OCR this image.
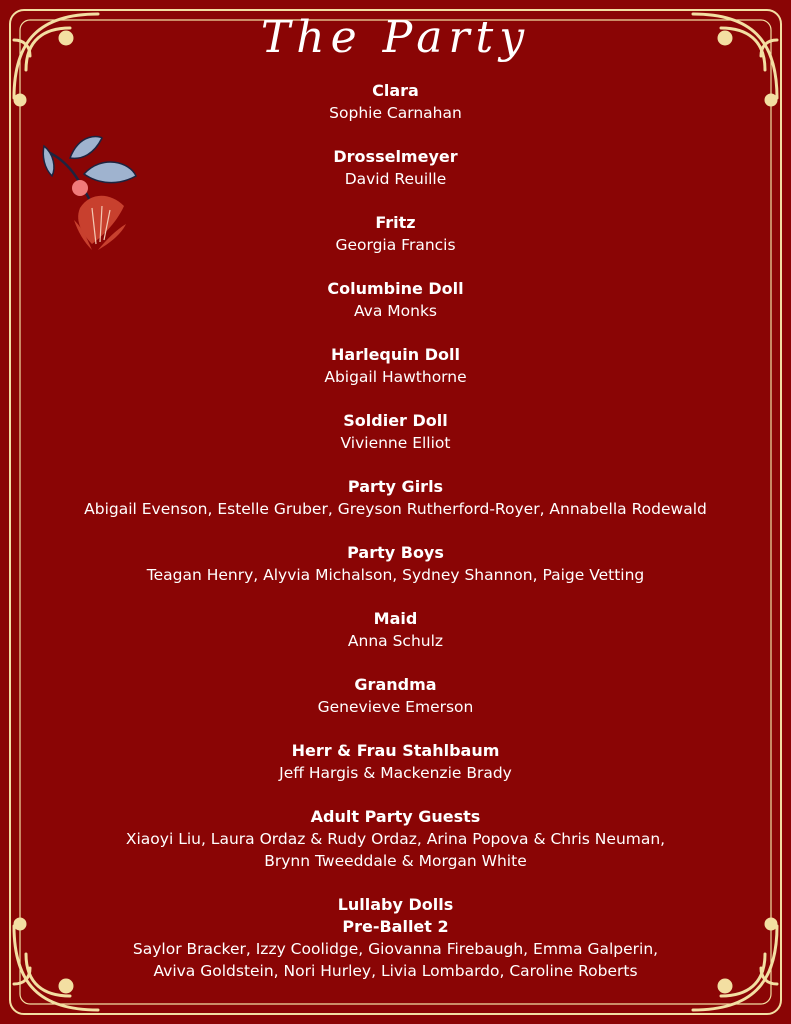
The Party
Clara

Sophie Carnahan

Drosselmeyer

David Reuille

Fritz

Georgia Francis

Columbine Doll

Ava Monks

Harlequin Doll

Abigail Hawthorne

Soldier Doll

Vivienne Elliot

Party Girls

Abigail Evenson, Estelle Gruber, Greyson Rutherford-Royer, Annabella Rodewald

Party Boys

Teagan Henry, Alyvia Michalson, Sydney Shannon, Paige Vetting

Maid

Anna Schulz

Grandma

Genevieve Emerson

Herr & Frau Stahlbaum

Jeff Hargis & Mackenzie Brady

Adult Party Guests

Xiaoyi Liu, Laura Ordaz & Rudy Ordaz, Arina Popova & Chris Neuman,

Brynn Tweeddale & Morgan White

Lullaby Dolls
Pre-Ballet 2

Saylor Bracker, Izzy Coolidge, Giovanna Firebaugh, Emma Galperin,

Aviva Goldstein, Nori Hurley, Livia Lombardo, Caroline Roberts
